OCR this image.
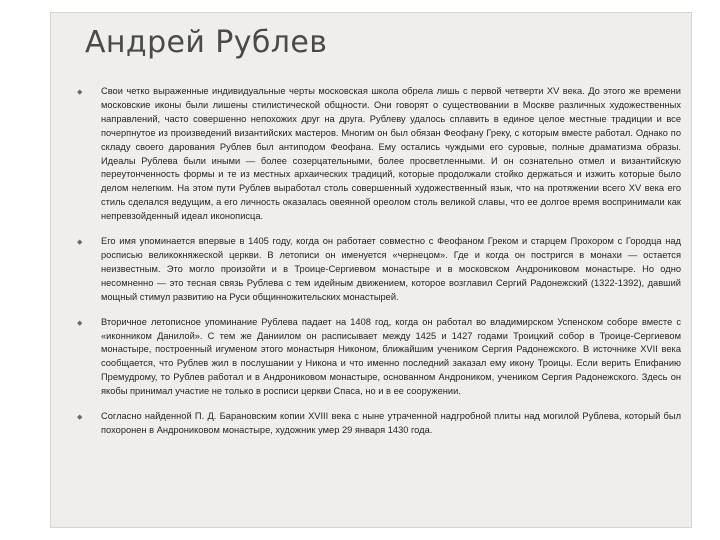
Андрей Рублев
◆ Свои четко выраженные индивидуальные черты московская школа обрела лишь с первой четверти XV века. До этого же времени московские иконы были лишены стилистической общности. Они говорят о существовании в Москве различных художественных направлений, часто совершенно непохожих друг на друга. Рублеву удалось сплавить в единое целое местные традиции и все почерпнутое из произведений византийских мастеров. Многим он был обязан Феофану Греку, с которым вместе работал. Однако по складу своего дарования Рублев был антиподом Феофана. Ему остались чуждыми его суровые, полные драматизма образы. Идеалы Рублева были иными — более созерцательными, более просветленными. И он сознательно отмел и византийскую переутонченность формы и те из местных архаических традиций, которые продолжали стойко держаться и изжить которые было делом нелегким. На этом пути Рублев выработал столь совершенный художественный язык, что на протяжении всего XV века его стиль сделался ведущим, а его личность оказалась овеянной ореолом столь великой славы, что ее долгое время воспринимали как непревзойденный идеал иконописца.
◆ Его имя упоминается впервые в 1405 году, когда он работает совместно с Феофаном Греком и старцем Прохором с Городца над росписью великокняжеской церкви. В летописи он именуется «чернецом». Где и когда он постригся в монахи — остается неизвестным. Это могло произойти и в Троице-Сергиевом монастыре и в московском Андрониковом монастыре. Но одно несомненно — это тесная связь Рублева с тем идейным движением, которое возглавил Сергий Радонежский (1322-1392), давший мощный стимул развитию на Руси общинножительских монастырей.
◆ Вторичное летописное упоминание Рублева падает на 1408 год, когда он работал во владимирском Успенском соборе вместе с «иконником Данилой». С тем же Даниилом он расписывает между 1425 и 1427 годами Троицкий собор в Троице-Сергиевом монастыре, построенный игуменом этого монастыря Никоном, ближайшим учеником Сергия Радонежского. В источнике XVII века сообщается, что Рублев жил в послушании у Никона и что именно последний заказал ему икону Троицы. Если верить Епифанию Премудрому, то Рублев работал и в Андрониковом монастыре, основанном Андроником, учеником Сергия Радонежского. Здесь он якобы принимал участие не только в росписи церкви Спаса, но и в ее сооружении.
◆ Согласно найденной П. Д. Барановским копии XVIII века с ныне утраченной надгробной плиты над могилой Рублева, который был похоронен в Андрониковом монастыре, художник умер 29 января 1430 года.
